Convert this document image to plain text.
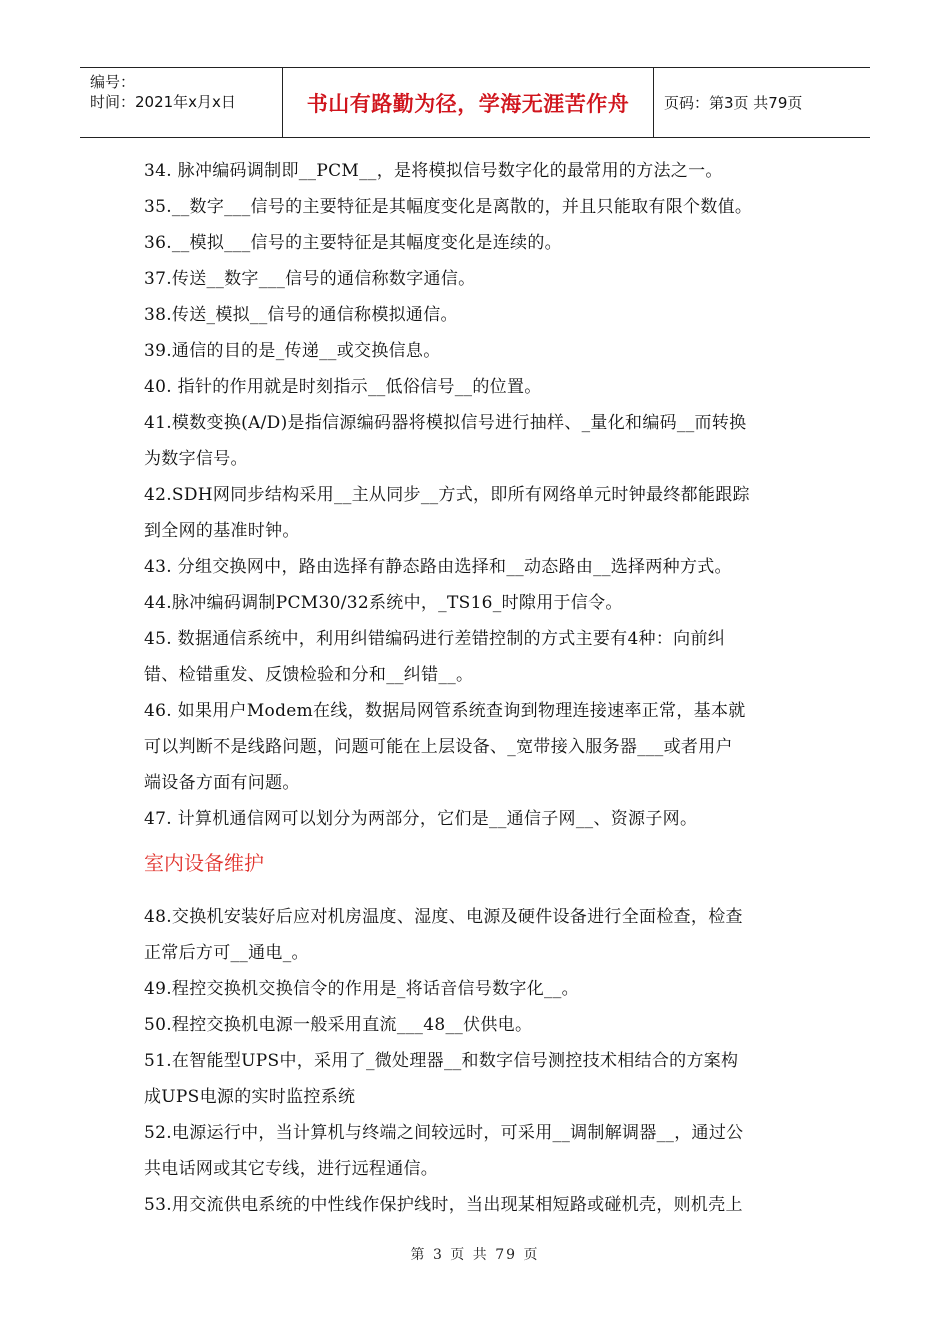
编号：
时间：2021年x月x日	书山有路勤为径，学海无涯苦作舟	页码：第3页 共79页
34. 脉冲编码调制即__PCM__，是将模拟信号数字化的最常用的方法之一。
35.__数字___信号的主要特征是其幅度变化是离散的，并且只能取有限个数值。
36.__模拟___信号的主要特征是其幅度变化是连续的。
37.传送__数字___信号的通信称数字通信。
38.传送_模拟__信号的通信称模拟通信。
39.通信的目的是_传递__或交换信息。
40. 指针的作用就是时刻指示__低俗信号__的位置。
41.模数变换(A/D)是指信源编码器将模拟信号进行抽样、_量化和编码__而转换
为数字信号。
42.SDH网同步结构采用__主从同步__方式，即所有网络单元时钟最终都能跟踪
到全网的基准时钟。
43. 分组交换网中，路由选择有静态路由选择和__动态路由__选择两种方式。
44.脉冲编码调制PCM30/32系统中，_TS16_时隙用于信令。
45. 数据通信系统中，利用纠错编码进行差错控制的方式主要有4种：向前纠
错、检错重发、反馈检验和分和__纠错__。
46. 如果用户Modem在线，数据局网管系统查询到物理连接速率正常，基本就
可以判断不是线路问题，问题可能在上层设备、_宽带接入服务器___或者用户
端设备方面有问题。
47. 计算机通信网可以划分为两部分，它们是__通信子网__、资源子网。
室内设备维护
48.交换机安装好后应对机房温度、湿度、电源及硬件设备进行全面检查，检查
正常后方可__通电_。
49.程控交换机交换信令的作用是_将话音信号数字化__。
50.程控交换机电源一般采用直流___48__伏供电。
51.在智能型UPS中，采用了_微处理器__和数字信号测控技术相结合的方案构
成UPS电源的实时监控系统
52.电源运行中，当计算机与终端之间较远时，可采用__调制解调器__，通过公
共电话网或其它专线，进行远程通信。
53.用交流供电系统的中性线作保护线时，当出现某相短路或碰机壳，则机壳上
第 3 页 共 79 页
